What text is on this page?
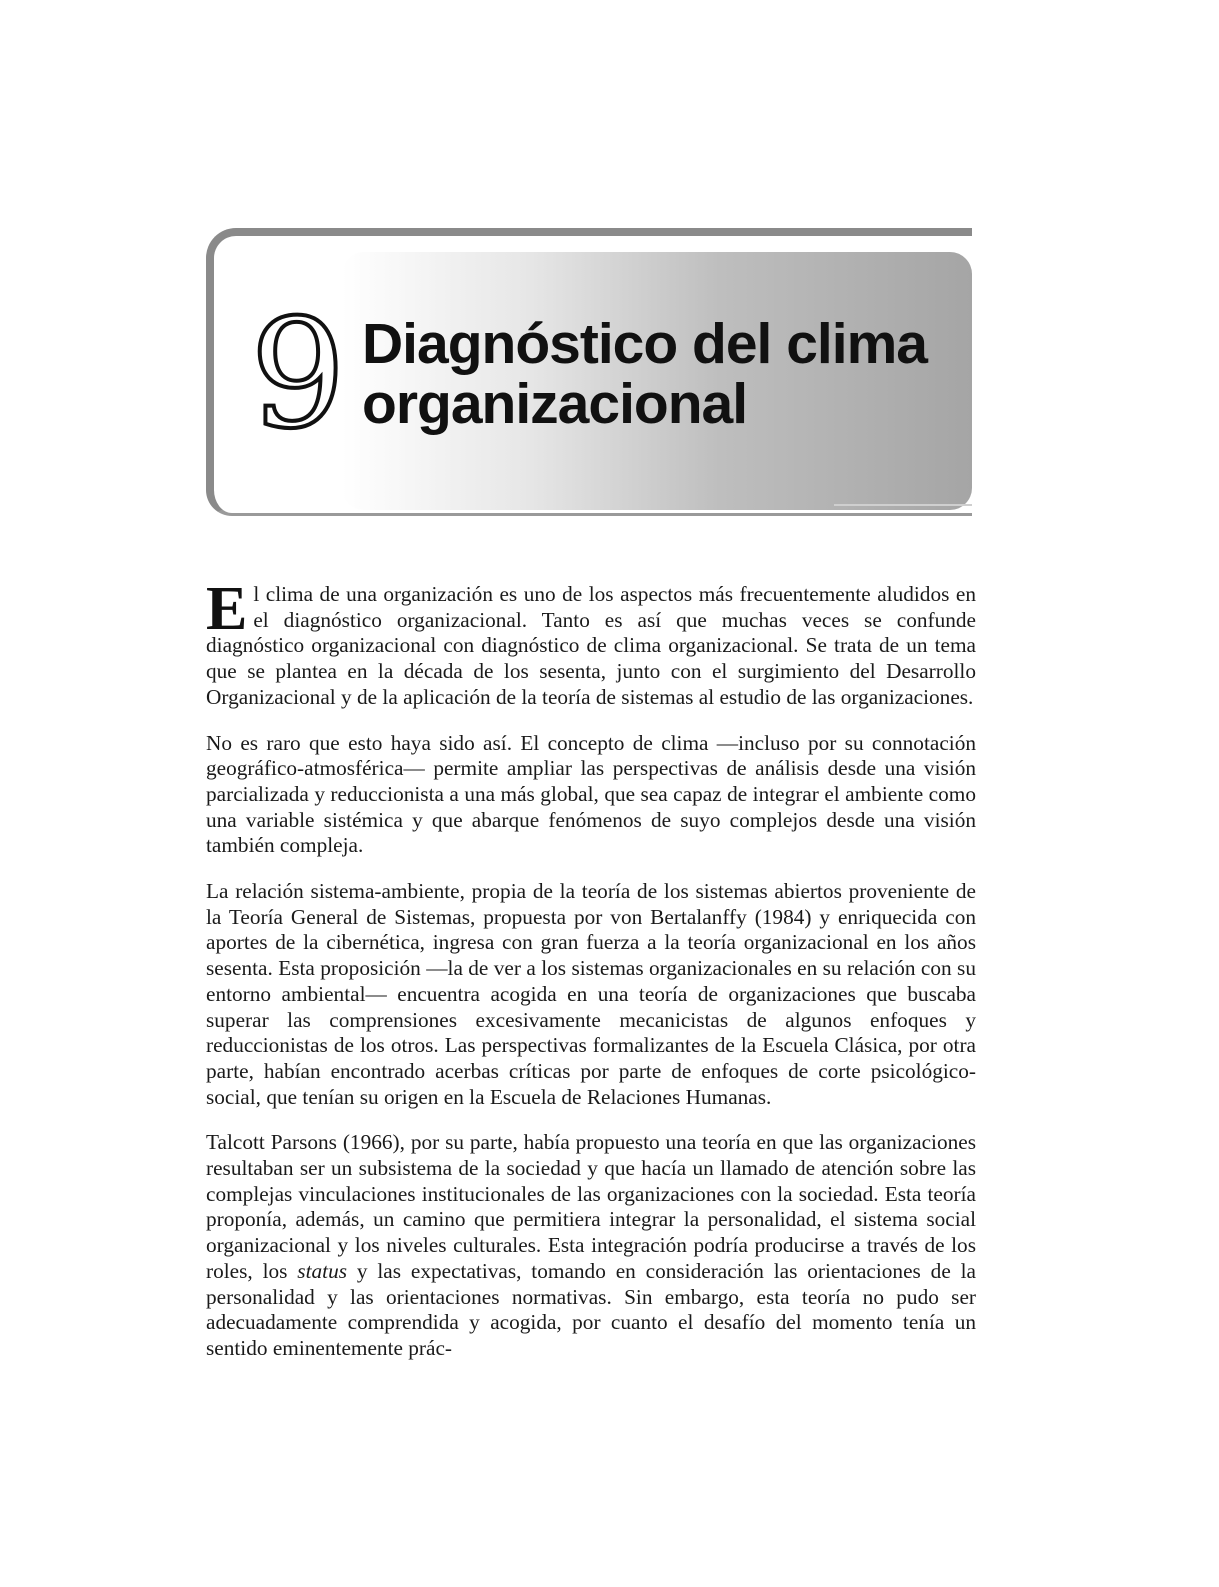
9 Diagnóstico del clima
organizacional

El clima de una organización es uno de los aspectos más frecuentemente aludidos en el diagnóstico organizacional. Tanto es así que muchas veces se confunde diagnóstico organizacional con diagnóstico de clima organizacional. Se trata de un tema que se plantea en la década de los sesenta, junto con el surgimiento del Desarrollo Organizacional y de la aplicación de la teoría de sistemas al estudio de las organizaciones.

No es raro que esto haya sido así. El concepto de clima —incluso por su connotación geográfico-atmosférica— permite ampliar las perspectivas de análisis desde una visión parcializada y reduccionista a una más global, que sea capaz de integrar el ambiente como una variable sistémica y que abarque fenómenos de suyo complejos desde una visión también compleja.

La relación sistema-ambiente, propia de la teoría de los sistemas abiertos proveniente de la Teoría General de Sistemas, propuesta por von Bertalanffy (1984) y enriquecida con aportes de la cibernética, ingresa con gran fuerza a la teoría organizacional en los años sesenta. Esta proposición —la de ver a los sistemas organizacionales en su relación con su entorno ambiental— encuentra acogida en una teoría de organizaciones que buscaba superar las comprensiones excesivamente mecanicistas de algunos enfoques y reduccionistas de los otros. Las perspectivas formalizantes de la Escuela Clásica, por otra parte, habían encontrado acerbas críticas por parte de enfoques de corte psicológico-social, que tenían su origen en la Escuela de Relaciones Humanas.

Talcott Parsons (1966), por su parte, había propuesto una teoría en que las organizaciones resultaban ser un subsistema de la sociedad y que hacía un llamado de atención sobre las complejas vinculaciones institucionales de las organizaciones con la sociedad. Esta teoría proponía, además, un camino que permitiera integrar la personalidad, el sistema social organizacional y los niveles culturales. Esta integración podría producirse a través de los roles, los status y las expectativas, tomando en consideración las orientaciones de la personalidad y las orientaciones normativas. Sin embargo, esta teoría no pudo ser adecuadamente comprendida y acogida, por cuanto el desafío del momento tenía un sentido eminentemente prác-
